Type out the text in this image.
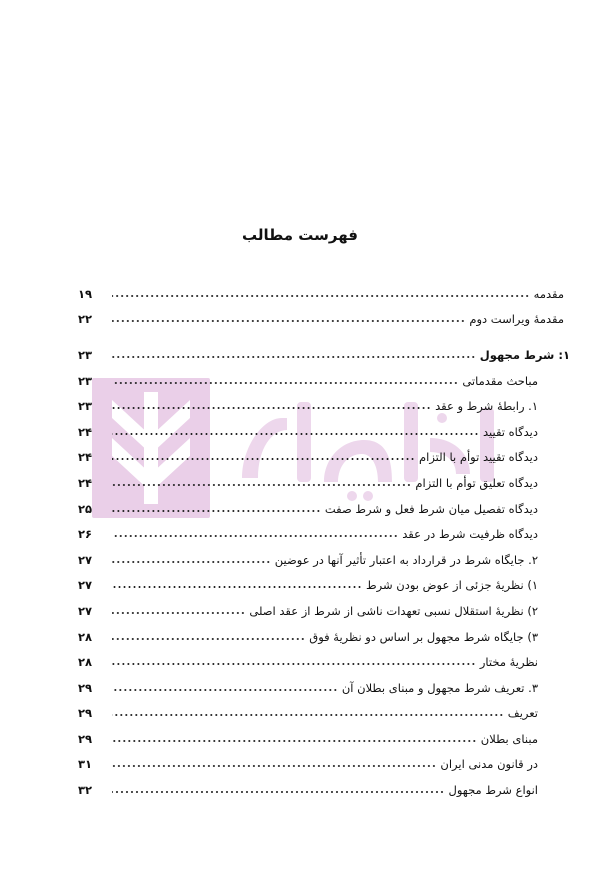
فهرست مطالب
مقدمه
۱۹
مقدمهٔ ویراست دوم
۲۲
۱:
شرط مجهول
۲۳
مباحث مقدماتی
۲۳
۱. رابطهٔ شرط و عقد
۲۳
دیدگاه تقیید
۲۴
دیدگاه تقیید توأم با التزام
۲۴
دیدگاه تعلیق توأم با التزام
۲۴
دیدگاه تفصیل میان شرط فعل و شرط صفت
۲۵
دیدگاه ظرفیت شرط در عقد
۲۶
۲. جایگاه شرط در قرارداد به اعتبار تأثیر آنها در عوضین
۲۷
۱) نظریهٔ جزئی از عوض بودن شرط
۲۷
۲) نظریهٔ استقلال نسبی تعهدات ناشی از شرط از عقد اصلی
۲۷
۳) جایگاه شرط مجهول بر اساس دو نظریهٔ فوق
۲۸
نظریهٔ مختار
۲۸
۳. تعریف شرط مجهول و مبنای بطلان آن
۲۹
تعریف
۲۹
مبنای بطلان
۲۹
در قانون مدنی ایران
۳۱
انواع شرط مجهول
۳۲
